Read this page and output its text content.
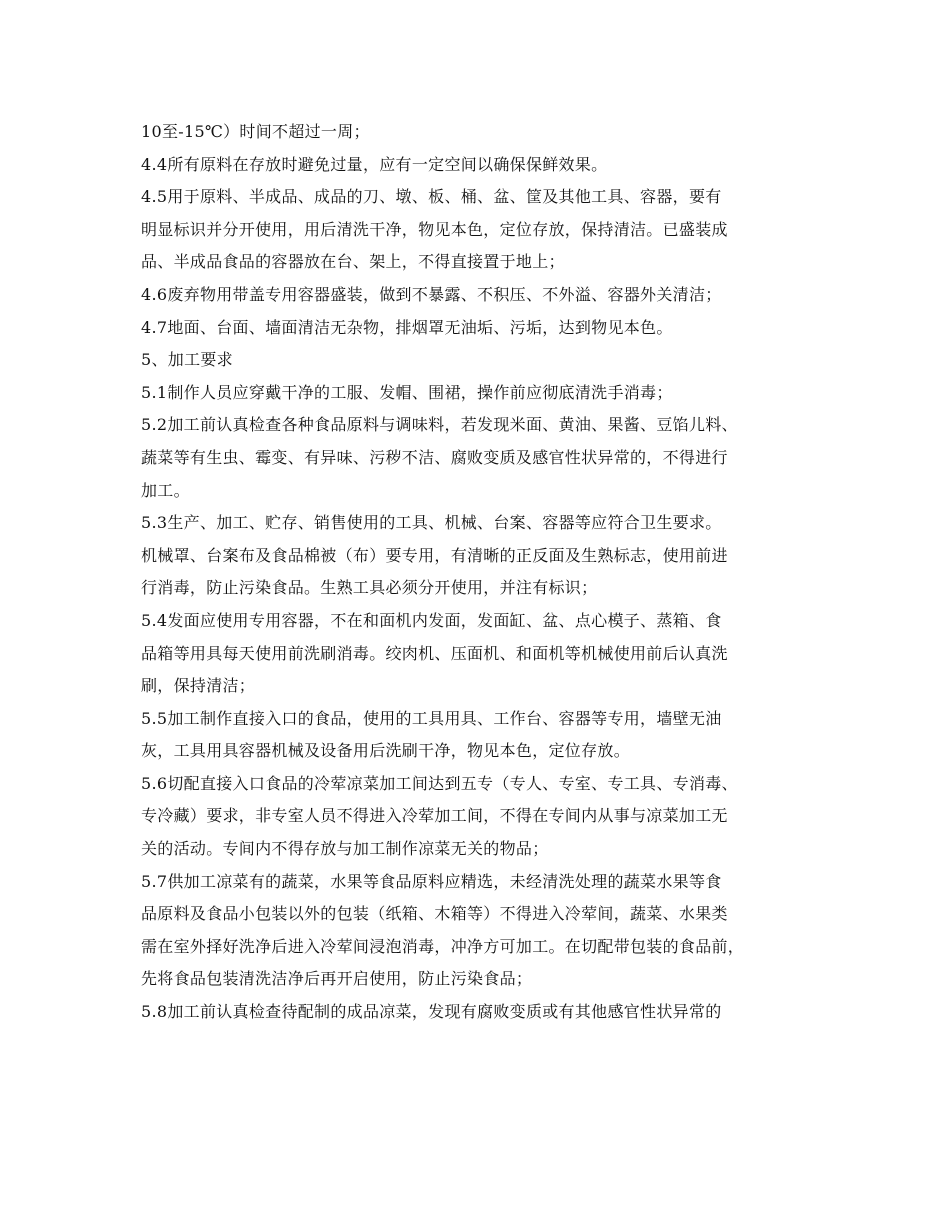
10至-15℃）时间不超过一周；
4.4所有原料在存放时避免过量，应有一定空间以确保保鲜效果。
4.5用于原料、半成品、成品的刀、墩、板、桶、盆、筐及其他工具、容器，要有
明显标识并分开使用，用后清洗干净，物见本色，定位存放，保持清洁。已盛装成
品、半成品食品的容器放在台、架上，不得直接置于地上；
4.6废弃物用带盖专用容器盛装，做到不暴露、不积压、不外溢、容器外关清洁；
4.7地面、台面、墙面清洁无杂物，排烟罩无油垢、污垢，达到物见本色。
5、加工要求
5.1制作人员应穿戴干净的工服、发帽、围裙，操作前应彻底清洗手消毒；
5.2加工前认真检查各种食品原料与调味料，若发现米面、黄油、果酱、豆馅儿料、
蔬菜等有生虫、霉变、有异味、污秽不洁、腐败变质及感官性状异常的，不得进行
加工。
5.3生产、加工、贮存、销售使用的工具、机械、台案、容器等应符合卫生要求。
机械罩、台案布及食品棉被（布）要专用，有清晰的正反面及生熟标志，使用前进
行消毒，防止污染食品。生熟工具必须分开使用，并注有标识；
5.4发面应使用专用容器，不在和面机内发面，发面缸、盆、点心模子、蒸箱、食
品箱等用具每天使用前洗刷消毒。绞肉机、压面机、和面机等机械使用前后认真洗
刷，保持清洁；
5.5加工制作直接入口的食品，使用的工具用具、工作台、容器等专用，墙壁无油
灰，工具用具容器机械及设备用后洗刷干净，物见本色，定位存放。
5.6切配直接入口食品的冷荤凉菜加工间达到五专（专人、专室、专工具、专消毒、
专冷藏）要求，非专室人员不得进入冷荤加工间，不得在专间内从事与凉菜加工无
关的活动。专间内不得存放与加工制作凉菜无关的物品；
5.7供加工凉菜有的蔬菜，水果等食品原料应精选，未经清洗处理的蔬菜水果等食
品原料及食品小包装以外的包装（纸箱、木箱等）不得进入冷荤间，蔬菜、水果类
需在室外择好洗净后进入冷荤间浸泡消毒，冲净方可加工。在切配带包装的食品前，
先将食品包装清洗洁净后再开启使用，防止污染食品；
5.8加工前认真检查待配制的成品凉菜，发现有腐败变质或有其他感官性状异常的
